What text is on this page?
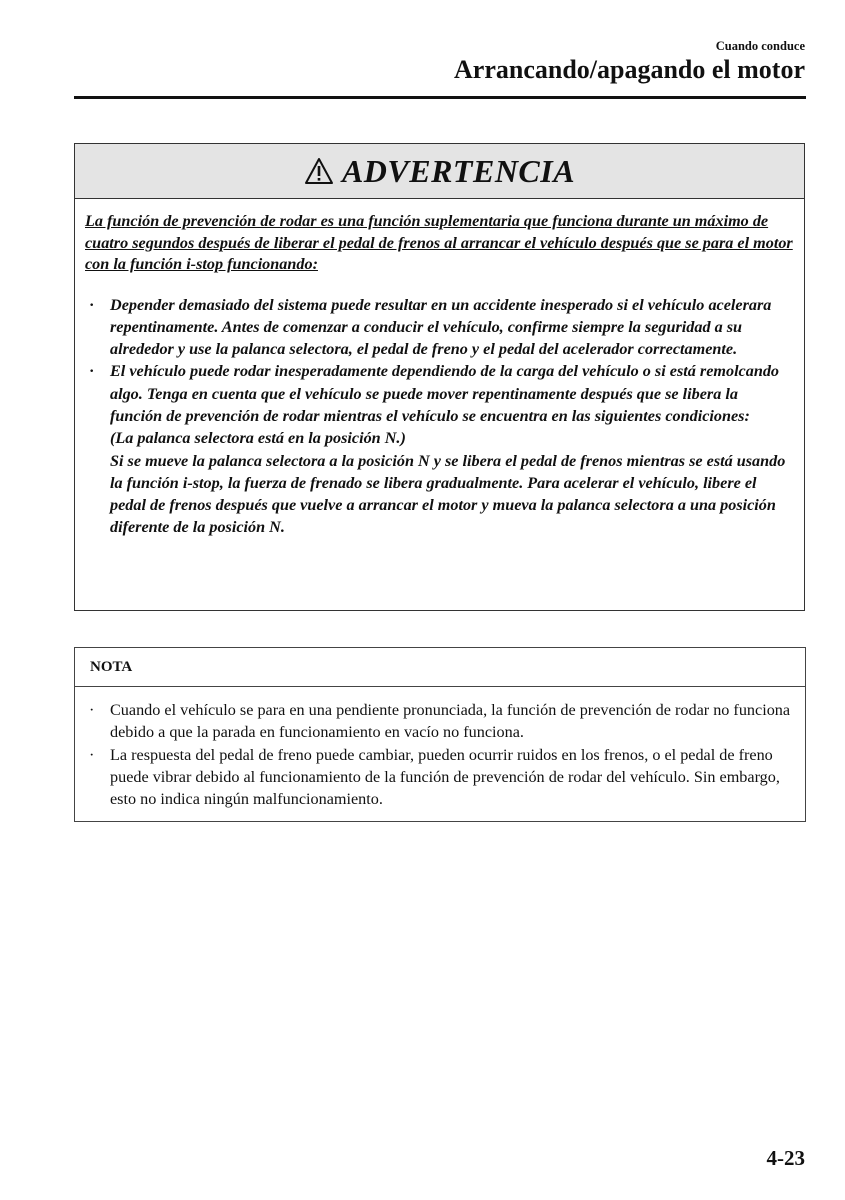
Cuando conduce

Arrancando/apagando el motor
ADVERTENCIA

La función de prevención de rodar es una función suplementaria que funciona durante un máximo de cuatro segundos después de liberar el pedal de frenos al arrancar el vehículo después que se para el motor con la función i-stop funcionando:

· Depender demasiado del sistema puede resultar en un accidente inesperado si el vehículo acelerara repentinamente. Antes de comenzar a conducir el vehículo, confirme siempre la seguridad a su alrededor y use la palanca selectora, el pedal de freno y el pedal del acelerador correctamente.
· El vehículo puede rodar inesperadamente dependiendo de la carga del vehículo o si está remolcando algo. Tenga en cuenta que el vehículo se puede mover repentinamente después que se libera la función de prevención de rodar mientras el vehículo se encuentra en las siguientes condiciones:
(La palanca selectora está en la posición N.)
Si se mueve la palanca selectora a la posición N y se libera el pedal de frenos mientras se está usando la función i-stop, la fuerza de frenado se libera gradualmente. Para acelerar el vehículo, libere el pedal de frenos después que vuelve a arrancar el motor y mueva la palanca selectora a una posición diferente de la posición N.
NOTA
· Cuando el vehículo se para en una pendiente pronunciada, la función de prevención de rodar no funciona debido a que la parada en funcionamiento en vacío no funciona.
· La respuesta del pedal de freno puede cambiar, pueden ocurrir ruidos en los frenos, o el pedal de freno puede vibrar debido al funcionamiento de la función de prevención de rodar del vehículo. Sin embargo, esto no indica ningún malfuncionamiento.

4-23
